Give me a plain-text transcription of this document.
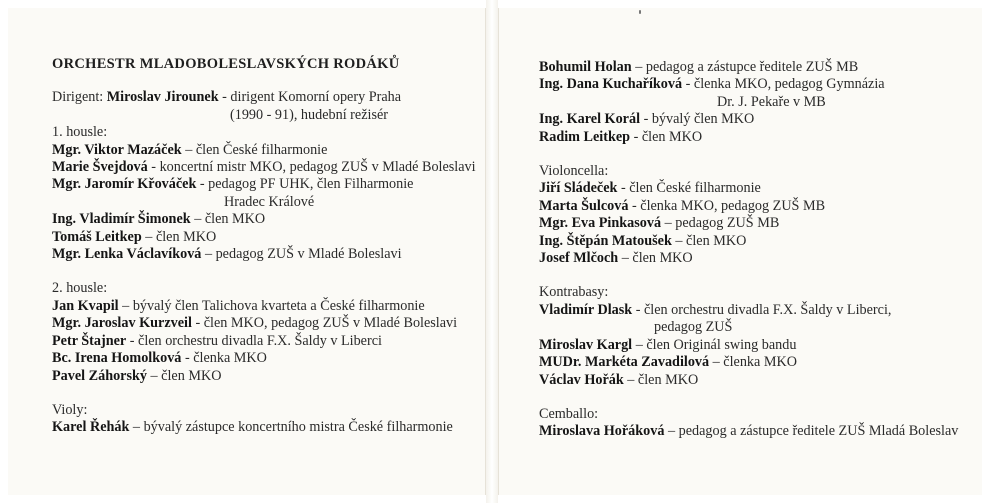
ORCHESTR MLADOBOLESLAVSKÝCH RODÁKŮ
Dirigent: Miroslav Jirounek - dirigent Komorní opery Praha
(1990 - 91), hudební režisér
1. housle:
Mgr. Viktor Mazáček – člen České filharmonie
Marie Švejdová - koncertní mistr MKO, pedagog ZUŠ v Mladé Boleslavi
Mgr. Jaromír Křováček - pedagog PF UHK, člen Filharmonie
Hradec Králové
Ing. Vladimír Šimonek – člen MKO
Tomáš Leitkep – člen MKO
Mgr. Lenka Václavíková – pedagog ZUŠ v Mladé Boleslavi
2. housle:
Jan Kvapil – bývalý člen Talichova kvarteta a České filharmonie
Mgr. Jaroslav Kurzveil - člen MKO, pedagog ZUŠ v Mladé Boleslavi
Petr Štajner - člen orchestru divadla F.X. Šaldy v Liberci
Bc. Irena Homolková - členka MKO
Pavel Záhorský – člen MKO
Violy:
Karel Řehák – bývalý zástupce koncertního mistra České filharmonie
Bohumil Holan – pedagog a zástupce ředitele ZUŠ MB
Ing. Dana Kuchaříková - členka MKO, pedagog Gymnázia
Dr. J. Pekaře v MB
Ing. Karel Korál - bývalý člen MKO
Radim Leitkep - člen MKO
Violoncella:
Jiří Sládeček - člen České filharmonie
Marta Šulcová - členka MKO, pedagog ZUŠ MB
Mgr. Eva Pinkasová – pedagog ZUŠ MB
Ing. Štěpán Matoušek – člen MKO
Josef Mlčoch – člen MKO
Kontrabasy:
Vladimír Dlask - člen orchestru divadla F.X. Šaldy v Liberci,
pedagog ZUŠ
Miroslav Kargl – člen Originál swing bandu
MUDr. Markéta Zavadilová – členka MKO
Václav Hořák – člen MKO
Cemballo:
Miroslava Hořáková – pedagog a zástupce ředitele ZUŠ Mladá Boleslav
